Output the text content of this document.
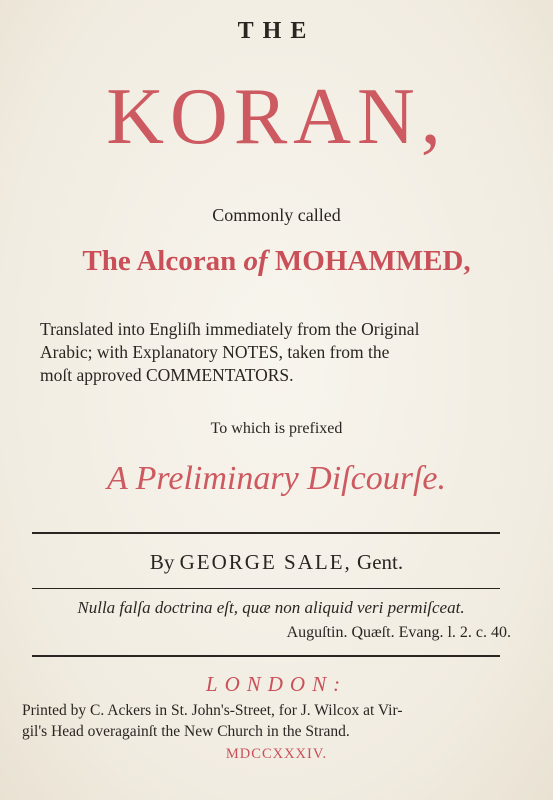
THE
KORAN,
Commonly called
The Alcoran of MOHAMMED,
Translated into Engliſh immediately from the Original
Arabic; with Explanatory NOTES, taken from the
moſt approved COMMENTATORS.
To which is prefixed
A Preliminary Diſcourſe.
By GEORGE SALE, Gent.
Nulla falſa doctrina eſt, quæ non aliquid veri permiſceat.
Auguſtin. Quæſt. Evang. l. 2. c. 40.
LONDON:
Printed by C. Ackers in St. John's-Street, for J. Wilcox at Vir-
gil's Head overagainſt the New Church in the Strand.
MDCCXXXIV.
